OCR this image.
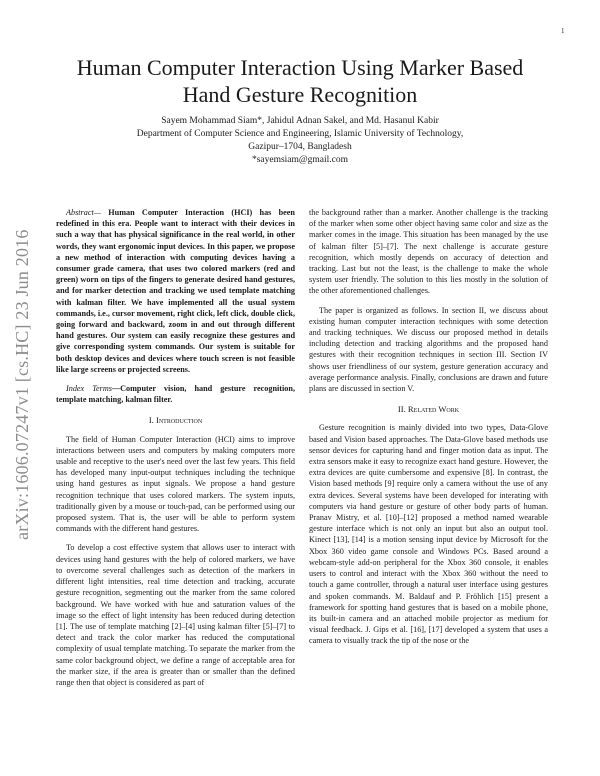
1
arXiv:1606.07247v1 [cs.HC] 23 Jun 2016
Human Computer Interaction Using Marker Based
Hand Gesture Recognition
Sayem Mohammad Siam*, Jahidul Adnan Sakel, and Md. Hasanul Kabir
Department of Computer Science and Engineering, Islamic University of Technology,
Gazipur–1704, Bangladesh
*sayemsiam@gmail.com

Abstract— Human Computer Interaction (HCI) has been redefined in this era. People want to interact with their devices in such a way that has physical significance in the real world, in other words, they want ergonomic input devices. In this paper, we propose a new method of interaction with computing devices having a consumer grade camera, that uses two colored markers (red and green) worn on tips of the fingers to generate desired hand gestures, and for marker detection and tracking we used template matching with kalman filter. We have implemented all the usual system commands, i.e., cursor movement, right click, left click, double click, going forward and backward, zoom in and out through different hand gestures. Our system can easily recognize these gestures and give corresponding system commands. Our system is suitable for both desktop devices and devices where touch screen is not feasible like large screens or projected screens.

Index Terms—Computer vision, hand gesture recognition, template matching, kalman filter.

I. Introduction

The field of Human Computer Interaction (HCI) aims to improve interactions between users and computers by making computers more usable and receptive to the user's need over the last few years. This field has developed many input-output techniques including the technique using hand gestures as input signals. We propose a hand gesture recognition technique that uses colored markers. The system inputs, traditionally given by a mouse or touch-pad, can be performed using our proposed system. That is, the user will be able to perform system commands with the different hand gestures.

To develop a cost effective system that allows user to interact with devices using hand gestures with the help of colored markers, we have to overcome several challenges such as detection of the markers in different light intensities, real time detection and tracking, accurate gesture recognition, segmenting out the marker from the same colored background. We have worked with hue and saturation values of the image so the effect of light intensity has been reduced during detection [1]. The use of template matching [2]–[4] using kalman filter [5]–[7] to detect and track the color marker has reduced the computational complexity of usual template matching. To separate the marker from the same color background object, we define a range of acceptable area for the marker size, if the area is greater than or smaller than the defined range then that object is considered as part of

the background rather than a marker. Another challenge is the tracking of the marker when some other object having same color and size as the marker comes in the image. This situation has been managed by the use of kalman filter [5]–[7]. The next challenge is accurate gesture recognition, which mostly depends on accuracy of detection and tracking. Last but not the least, is the challenge to make the whole system user friendly. The solution to this lies mostly in the solution of the other aforementioned challenges.

The paper is organized as follows. In section II, we discuss about existing human computer interaction techniques with some detection and tracking techniques. We discuss our proposed method in details including detection and tracking algorithms and the proposed hand gestures with their recognition techniques in section III. Section IV shows user friendliness of our system, gesture generation accuracy and average performance analysis. Finally, conclusions are drawn and future plans are discussed in section V.

II. Related Work

Gesture recognition is mainly divided into two types, Data-Glove based and Vision based approaches. The Data-Glove based methods use sensor devices for capturing hand and finger motion data as input. The extra sensors make it easy to recognize exact hand gesture. However, the extra devices are quite cumbersome and expensive [8]. In contrast, the Vision based methods [9] require only a camera without the use of any extra devices. Several systems have been developed for interating with computers via hand gesture or gesture of other body parts of human. Pranav Mistry, et al. [10]–[12] proposed a method named wearable gesture interface which is not only an input but also an output tool. Kinect [13], [14] is a motion sensing input device by Microsoft for the Xbox 360 video game console and Windows PCs. Based around a webcam-style add-on peripheral for the Xbox 360 console, it enables users to control and interact with the Xbox 360 without the need to touch a game controller, through a natural user interface using gestures and spoken commands. M. Baldauf and P. Fröhlich [15] present a framework for spotting hand gestures that is based on a mobile phone, its built-in camera and an attached mobile projector as medium for visual feedback. J. Gips et al. [16], [17] developed a system that uses a camera to visually track the tip of the nose or the
